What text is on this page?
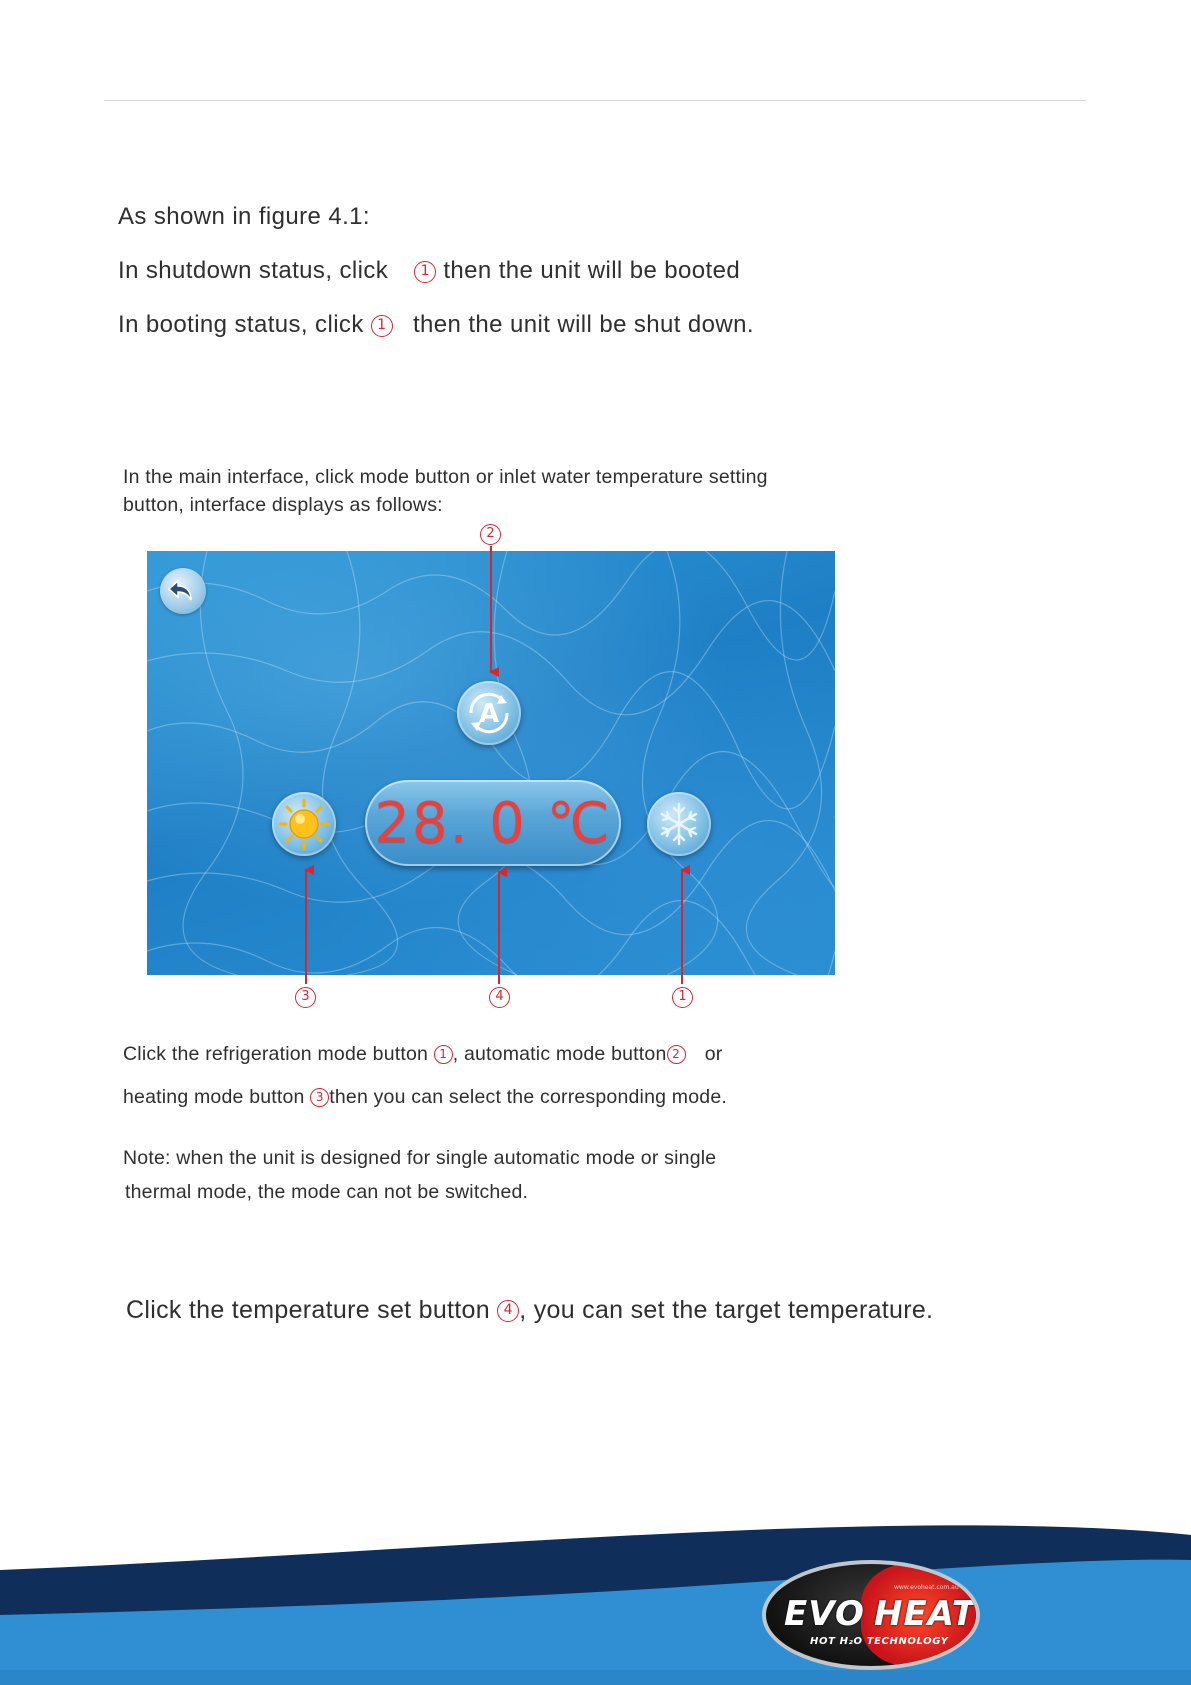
As shown in figure 4.1:
In shutdown status, click 1 then the unit will be booted
In booting status, click 1 then the unit will be shut down.
In the main interface, click mode button or inlet water temperature setting
button, interface displays as follows:
A
28. 0 ℃
2
3	4	1
Click the refrigeration mode button 1 , automatic mode button 2 or
heating mode button 3 then you can select the corresponding mode.
Note: when the unit is designed for single automatic mode or single
thermal mode, the mode can not be switched.
Click the temperature set button 4 , you can set the target temperature.
EVO HEAT
www.evoheat.com.au
HOT H₂O TECHNOLOGY
